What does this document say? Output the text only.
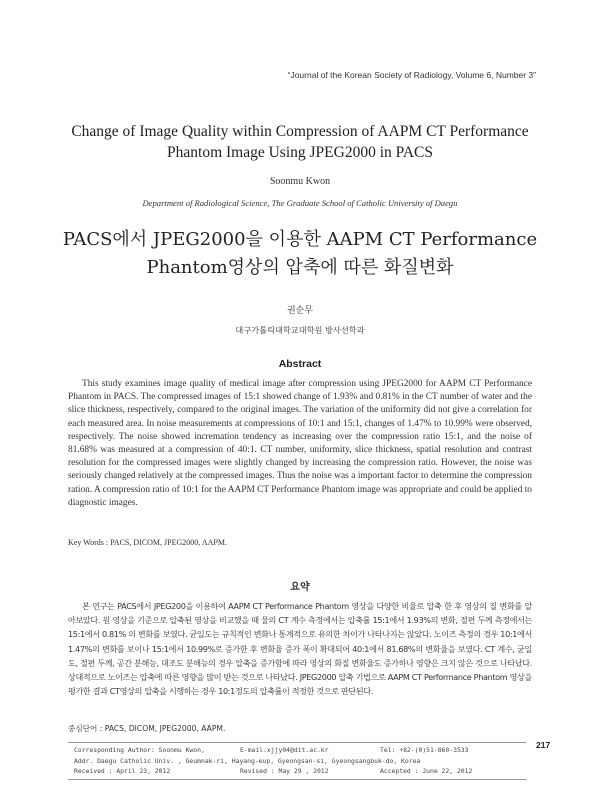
“Journal of the Korean Society of Radiology, Volume 6, Number 3”
Change of Image Quality within Compression of AAPM CT Performance
Phantom Image Using JPEG2000 in PACS
Soonmu Kwon
Department of Radiological Science, The Graduate School of Catholic University of Daegu
PACS에서 JPEG2000을 이용한 AAPM CT Performance
Phantom영상의 압축에 따른 화질변화
권순무
대구가톨릭대학교대학원 방사선학과
Abstract
This study examines image quality of medical image after compression using JPEG2000 for AAPM CT Performance Phantom in PACS. The compressed images of 15:1 showed change of 1.93% and 0.81% in the CT number of water and the slice thickness, respectively, compared to the original images. The variation of the uniformity did not give a correlation for each measured area. In noise measurements at compressions of 10:1 and 15:1, changes of 1.47% to 10.99% were observed, respectively. The noise showed incremation tendency as increasing over the compression ratio 15:1, and the noise of 81.68% was measured at a compression of 40:1. CT number, uniformity, slice thickness, spatial resolution and contrast resolution for the compressed images were slightly changed by increasing the compression ratio. However, the noise was seriously changed relatively at the compressed images. Thus the noise was a important factor to determine the compression ration. A compression ratio of 10:1 for the AAPM CT Performance Phantom image was appropriate and could be applied to diagnostic images.
Key Words : PACS, DICOM, JPEG2000, AAPM.
요약
본 연구는 PACS에서 JPEG200을 이용하여 AAPM CT Performance Phantom 영상을 다양한 비율로 압축 한 후 영상의 질 변화를 알아보았다. 원 영상을 기준으로 압축된 영상을 비교했을 때 물의 CT 계수 측정에서는 압축률 15:1에서 1.93%의 변화, 절편 두께 측정에서는 15:1에서 0.81% 의 변화를 보였다. 균일도는 규칙적인 변화나 통계적으로 유의한 차이가 나타나지는 않았다. 노이즈 측정의 경우 10:1에서 1.47%의 변화를 보이나 15:1에서 10.99%로 증가한 후 변화율 증가 폭이 확대되어 40:1에서 81.68%의 변화율을 보였다. CT 계수, 균일도, 절편 두께, 공간 분해능, 대조도 분해능의 경우 압축을 증가함에 따라 영상의 화질 변화율도 증가하나 영향은 크지 않은 것으로 나타났다. 상대적으로 노이즈는 압축에 따른 영향을 많이 받는 것으로 나타났다. JPEG2000 압축 기법으로 AAPM CT Performance Phantom 영상을 평가한 결과 CT영상의 압축을 시행하는 경우 10:1정도의 압축률이 적정한 것으로 판단된다.
중심단어 : PACS, DICOM, JPEG2000, AAPM.
Corresponding Author: Soonmu Kwon,	E-mail:xjjy04@dit.ac.kr	Tel: +82-(0)51-860-3533
Addr. Daegu Catholic Univ. , Geumnak-ri, Hayang-eup, Gyeongsan-si, Gyeongsangbuk-do, Korea
Received : April 23, 2012	Revised : May 29 , 2012	Accepted : June 22, 2012
217
